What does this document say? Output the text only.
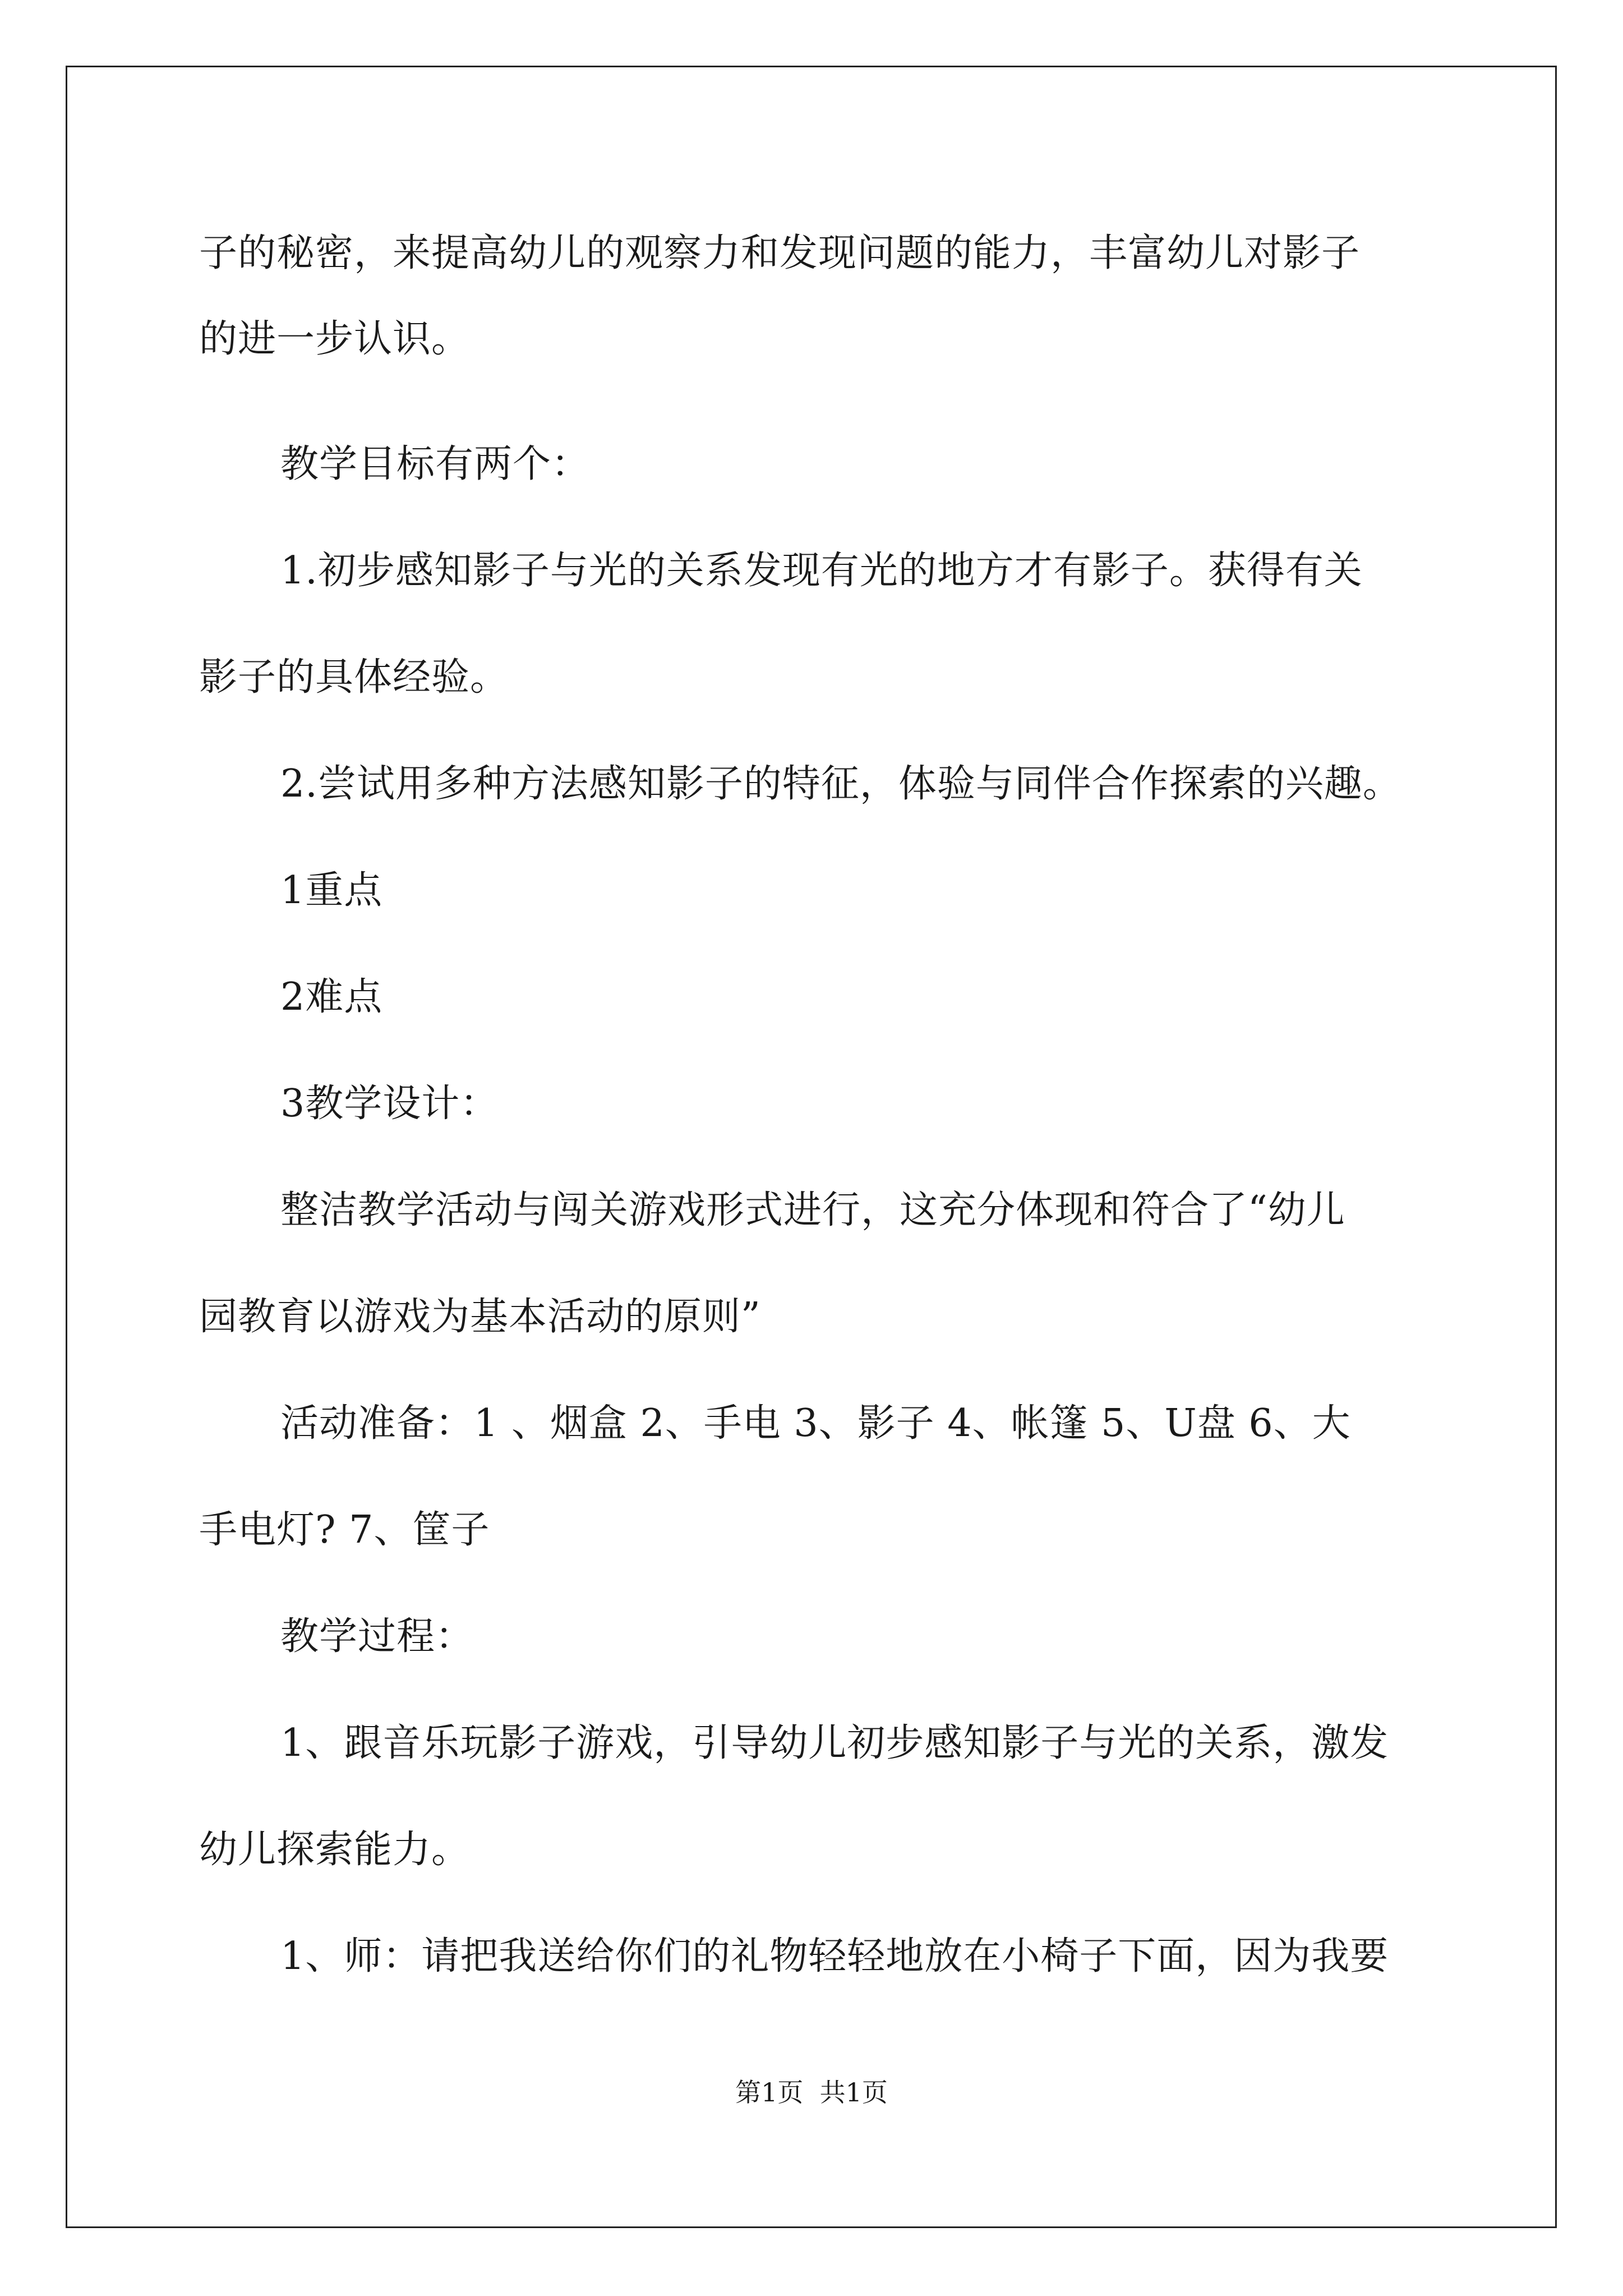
子的秘密，来提高幼儿的观察力和发现问题的能力，丰富幼儿对影子

的进一步认识。

教学目标有两个：

1.初步感知影子与光的关系发现有光的地方才有影子。获得有关

影子的具体经验。

2.尝试用多种方法感知影子的特征，体验与同伴合作探索的兴趣。

1重点

2难点

3教学设计：

整洁教学活动与闯关游戏形式进行，这充分体现和符合了“幼儿

园教育以游戏为基本活动的原则”

活动准备：1 、烟盒 2、手电 3、影子 4、帐篷 5、U盘 6、大

手电灯? 7、筐子

教学过程：

1、跟音乐玩影子游戏，引导幼儿初步感知影子与光的关系，激发

幼儿探索能力。

1、师：请把我送给你们的礼物轻轻地放在小椅子下面，因为我要

第1页  共1页
